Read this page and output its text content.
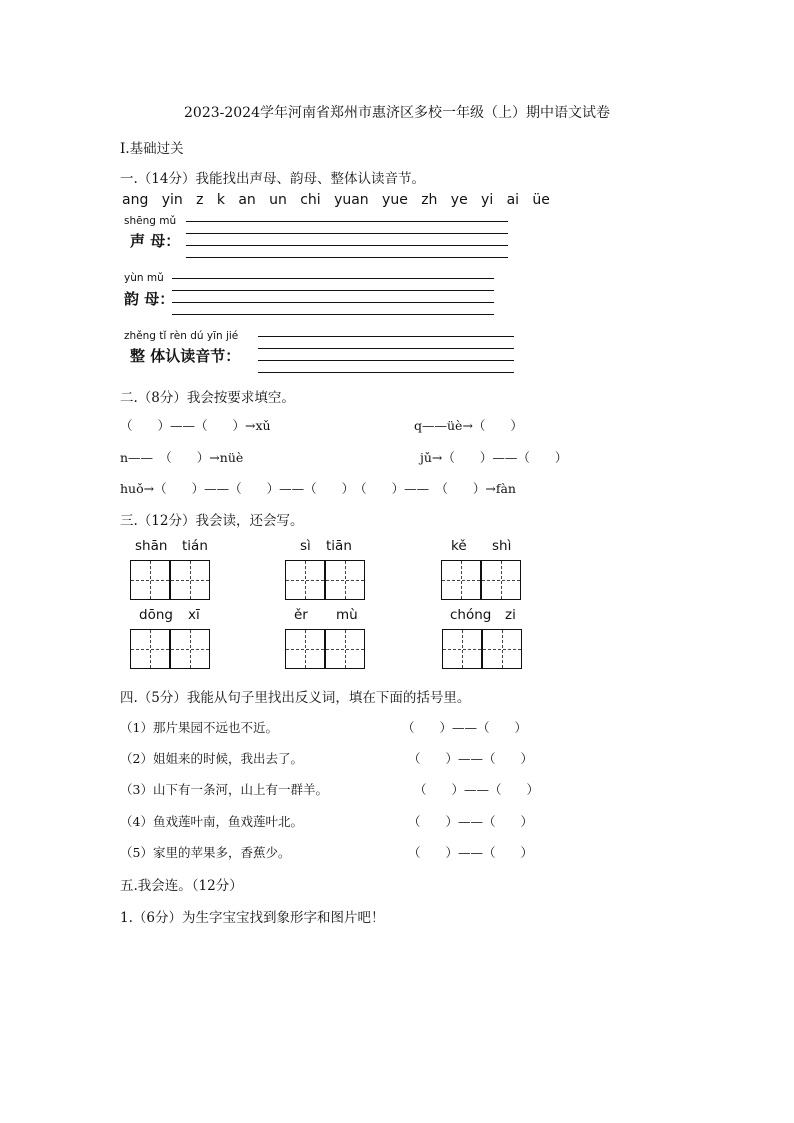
2023-2024学年河南省郑州市惠济区多校一年级（上）期中语文试卷
I.基础过关
一.（14分）我能找出声母、韵母、整体认读音节。
ang yin z k an un chi yuan yue zh ye yi ai üe
shēng mǔ
声 母：
yùn mǔ
韵 母：
zhěng tǐ rèn dú yīn jié
整 体认读音节：
二.（8分）我会按要求填空。
（　　）——（　　）→xǔ	q——üè→（　　）
n——　（　　）→nüè	jǔ→（　　）——（　　）
huǒ→（　　）——（　　）——（　　）　（　　）——　（　　）→fàn
三.（12分）我会读，还会写。
shān tián	sì tiān	kě shì
dōng xī	ěr mù	chóng zi
四.（5分）我能从句子里找出反义词，填在下面的括号里。
（1）那片果园不远也不近。	（　　）——（　　）
（2）姐姐来的时候，我出去了。	（　　）——（　　）
（3）山下有一条河，山上有一群羊。	（　　）——（　　）
（4）鱼戏莲叶南，鱼戏莲叶北。	（　　）——（　　）
（5）家里的苹果多，香蕉少。	（　　）——（　　）
五.我会连。（12分）
1.（6分）为生字宝宝找到象形字和图片吧！
